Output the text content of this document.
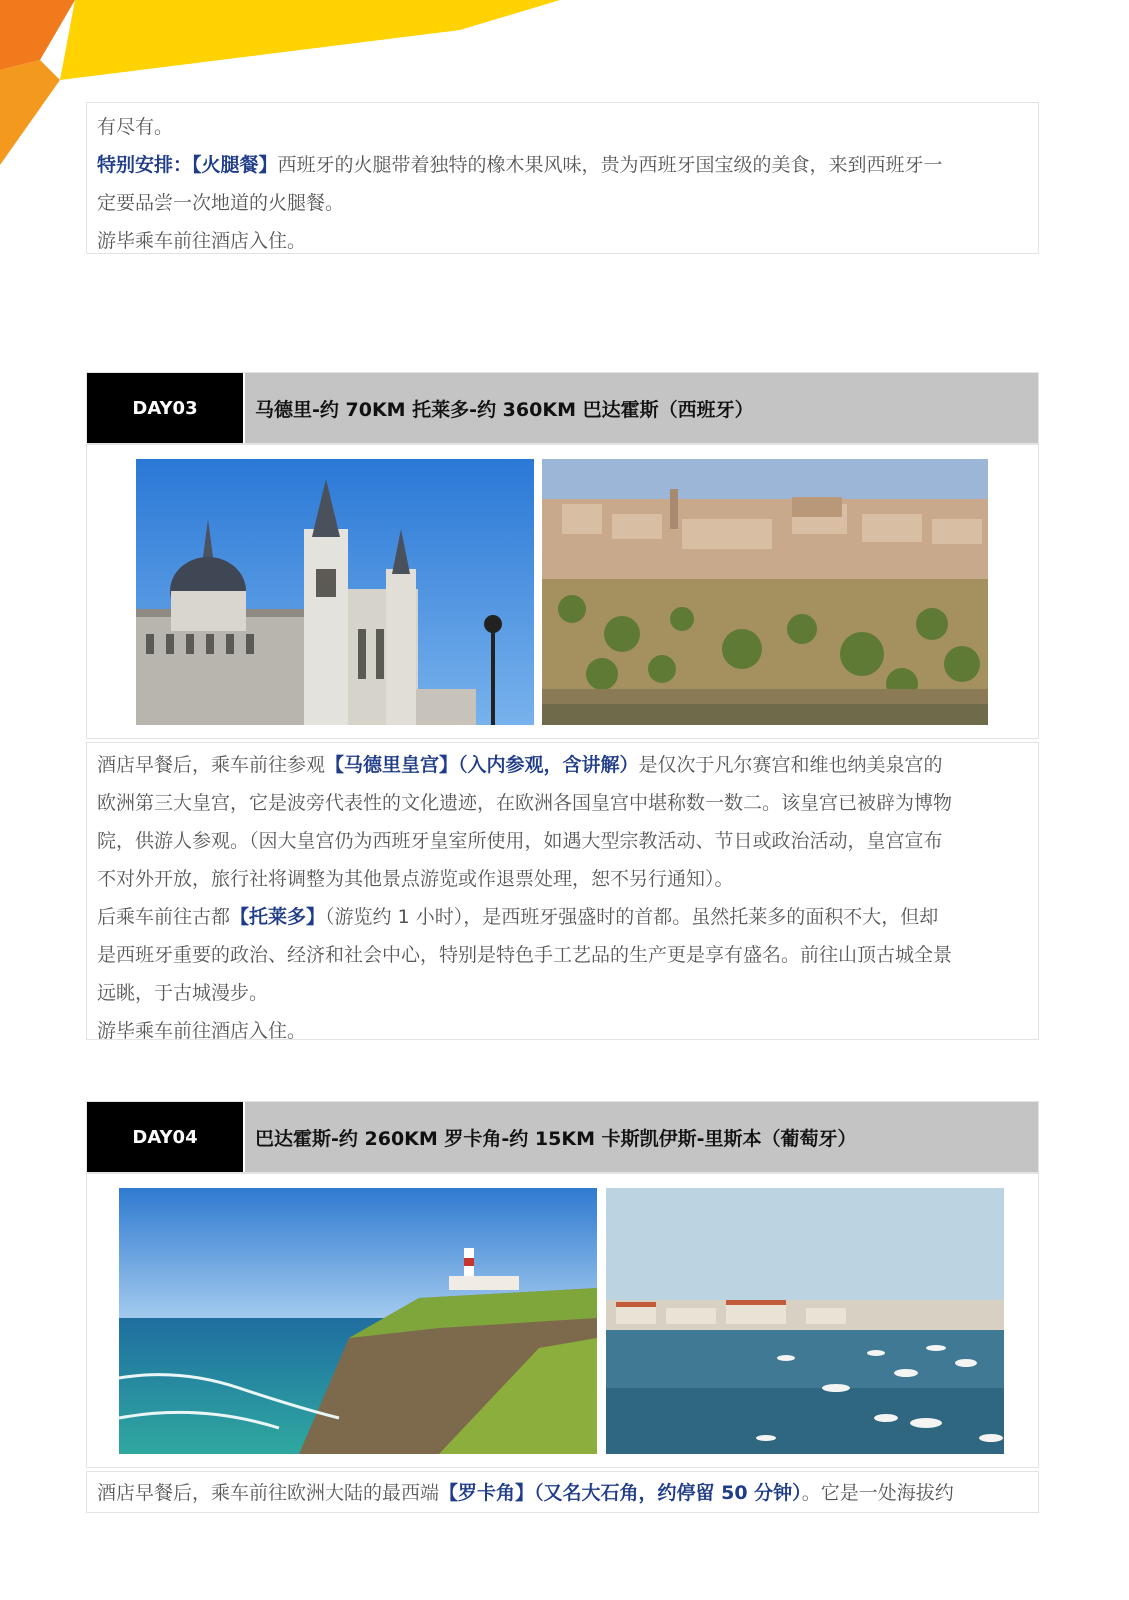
有尽有。
特别安排：【火腿餐】西班牙的火腿带着独特的橡木果风味，贵为西班牙国宝级的美食，来到西班牙一
定要品尝一次地道的火腿餐。
游毕乘车前往酒店入住。
DAY03	马德里-约 70KM 托莱多-约 360KM 巴达霍斯（西班牙）
酒店早餐后，乘车前往参观【马德里皇宫】（入内参观，含讲解）是仅次于凡尔赛宫和维也纳美泉宫的
欧洲第三大皇宫，它是波旁代表性的文化遗迹，在欧洲各国皇宫中堪称数一数二。该皇宫已被辟为博物
院，供游人参观。（因大皇宫仍为西班牙皇室所使用，如遇大型宗教活动、节日或政治活动，皇宫宣布
不对外开放，旅行社将调整为其他景点游览或作退票处理，恕不另行通知）。
后乘车前往古都【托莱多】（游览约 1 小时），是西班牙强盛时的首都。虽然托莱多的面积不大，但却
是西班牙重要的政治、经济和社会中心，特别是特色手工艺品的生产更是享有盛名。前往山顶古城全景
远眺，于古城漫步。
游毕乘车前往酒店入住。
DAY04	巴达霍斯-约 260KM 罗卡角-约 15KM 卡斯凯伊斯-里斯本（葡萄牙）
酒店早餐后，乘车前往欧洲大陆的最西端【罗卡角】（又名大石角，约停留 50 分钟）。它是一处海拔约
